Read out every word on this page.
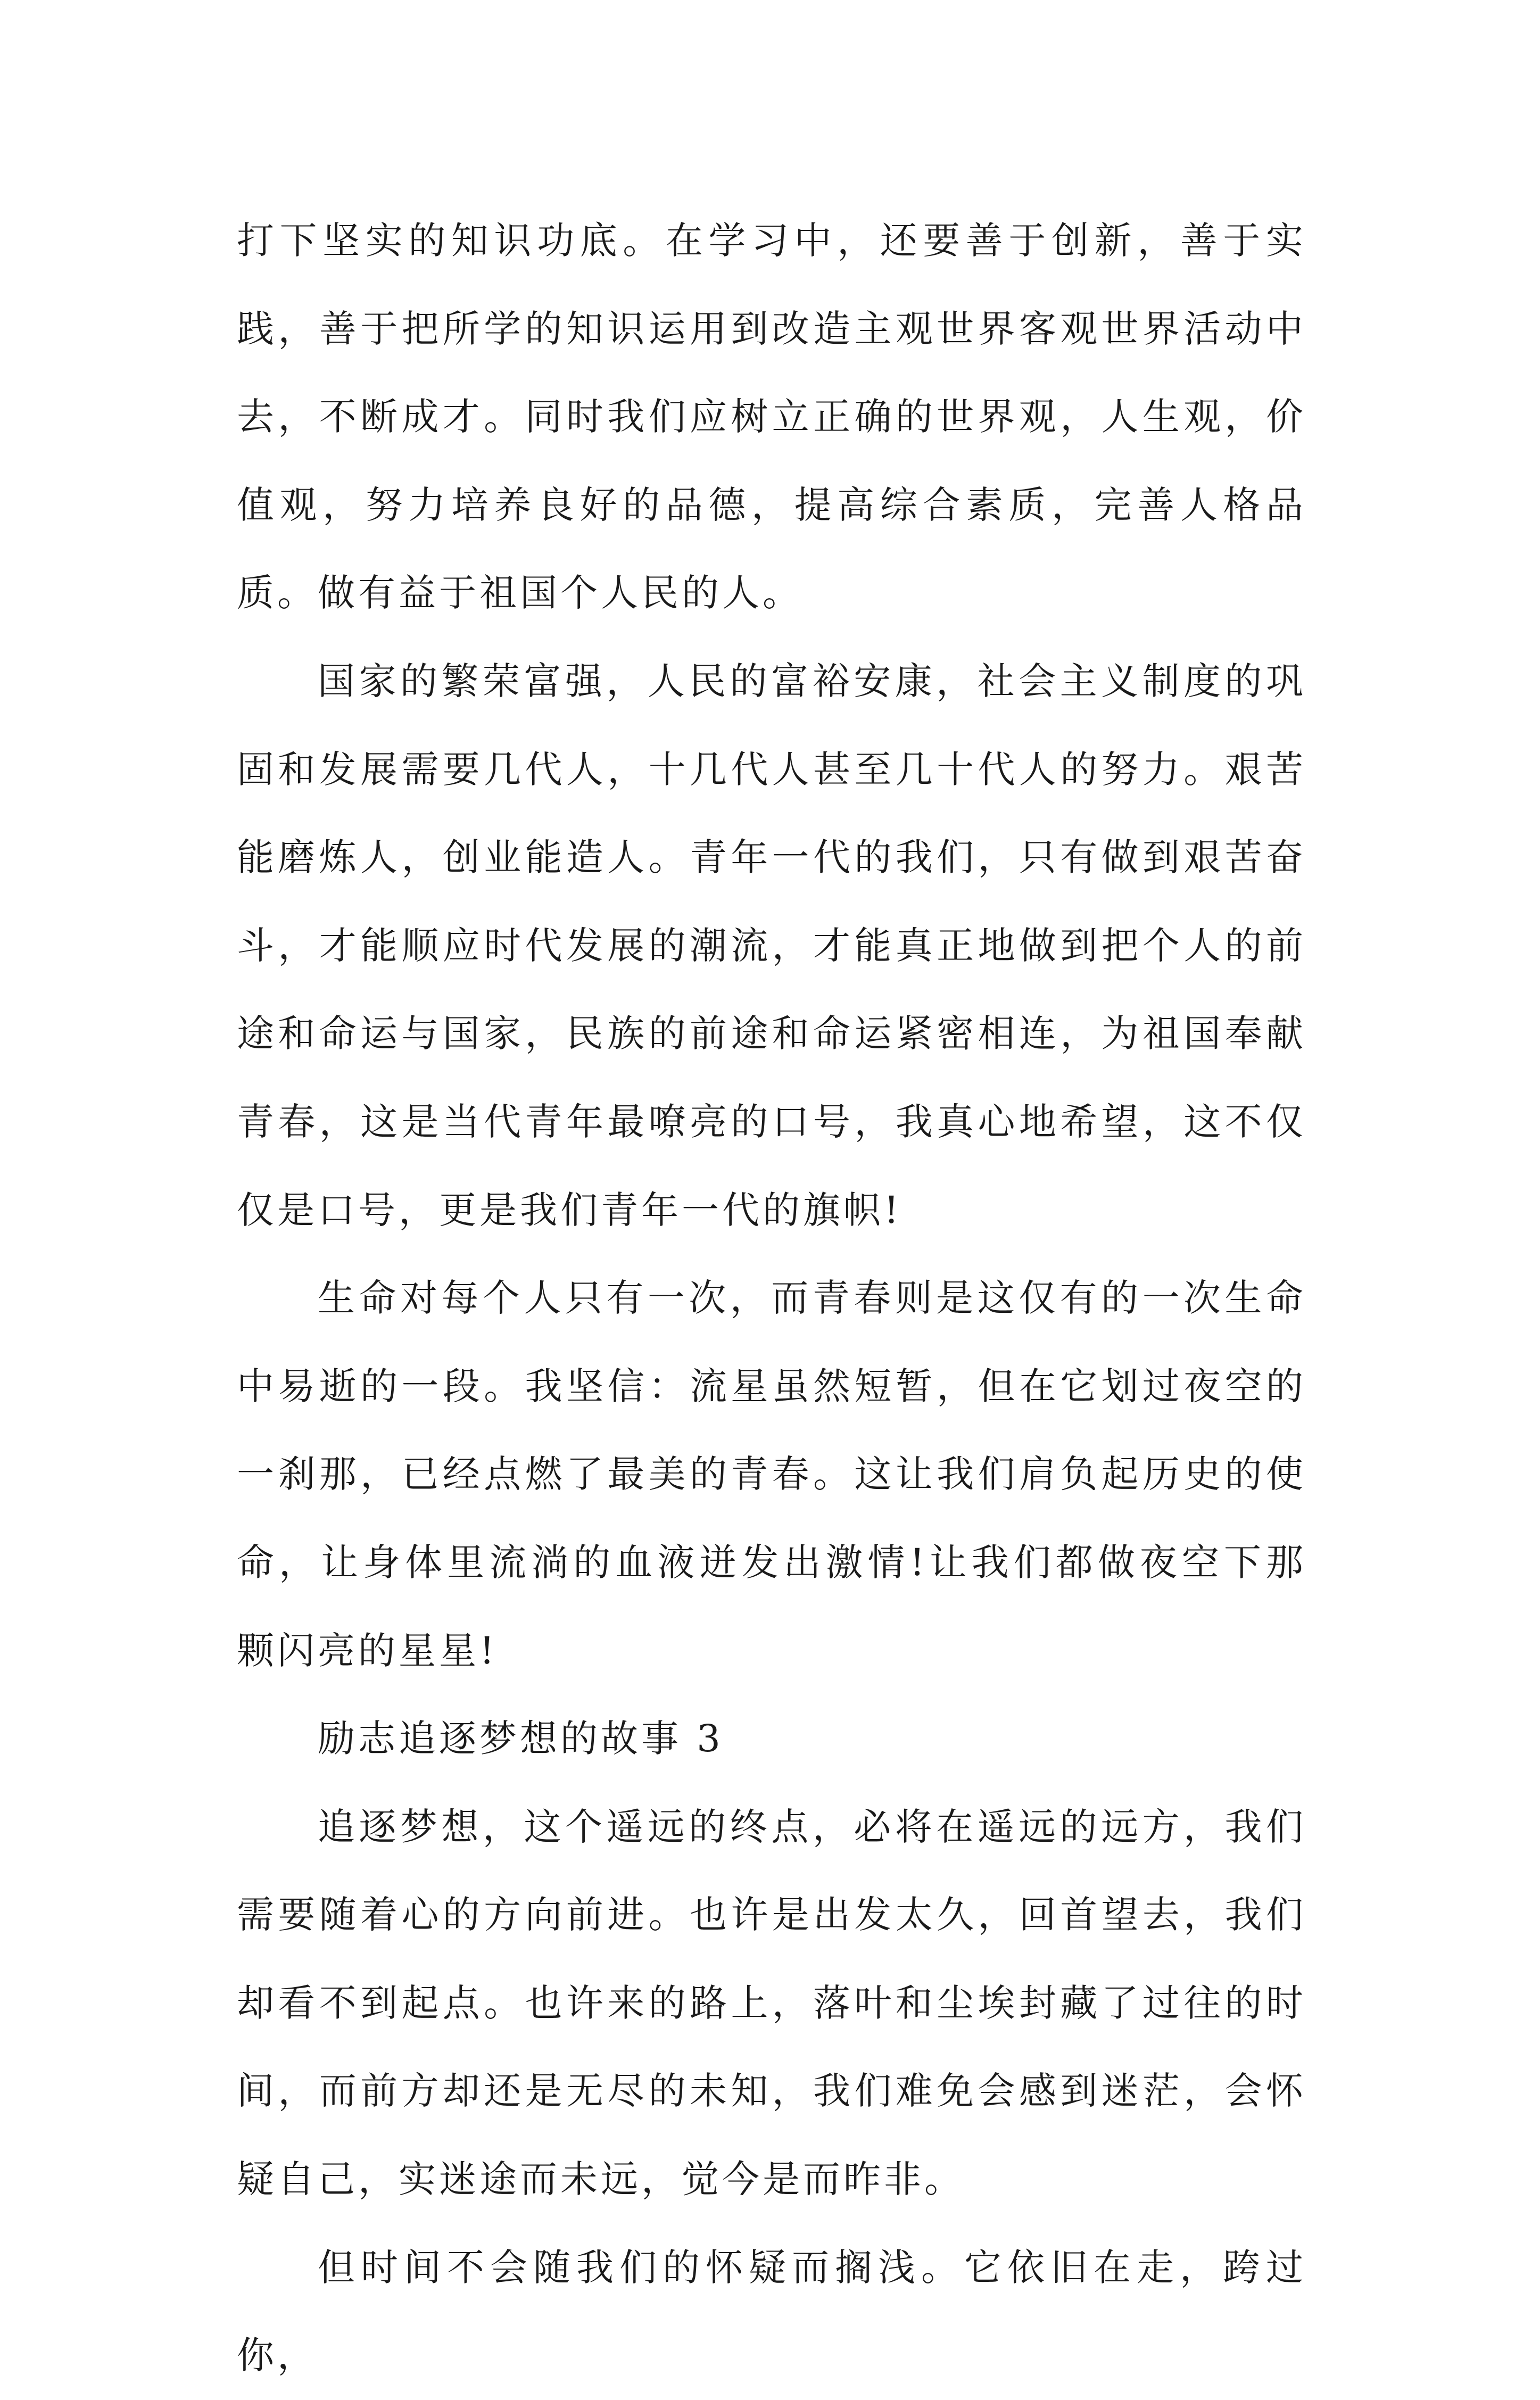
打下坚实的知识功底。在学习中，还要善于创新，善于实践，善于把所学的知识运用到改造主观世界客观世界活动中去，不断成才。同时我们应树立正确的世界观，人生观，价值观，努力培养良好的品德，提高综合素质，完善人格品质。做有益于祖国个人民的人。

国家的繁荣富强，人民的富裕安康，社会主义制度的巩固和发展需要几代人，十几代人甚至几十代人的努力。艰苦能磨炼人，创业能造人。青年一代的我们，只有做到艰苦奋斗，才能顺应时代发展的潮流，才能真正地做到把个人的前途和命运与国家，民族的前途和命运紧密相连，为祖国奉献青春，这是当代青年最嘹亮的口号，我真心地希望，这不仅仅是口号，更是我们青年一代的旗帜!

生命对每个人只有一次，而青春则是这仅有的一次生命中易逝的一段。我坚信：流星虽然短暂，但在它划过夜空的一刹那，已经点燃了最美的青春。这让我们肩负起历史的使命，让身体里流淌的血液迸发出激情!让我们都做夜空下那颗闪亮的星星!

励志追逐梦想的故事 3

追逐梦想，这个遥远的终点，必将在遥远的远方，我们需要随着心的方向前进。也许是出发太久，回首望去，我们却看不到起点。也许来的路上，落叶和尘埃封藏了过往的时间，而前方却还是无尽的未知，我们难免会感到迷茫，会怀疑自己，实迷途而未远，觉今是而昨非。

但时间不会随我们的怀疑而搁浅。它依旧在走，跨过你，
